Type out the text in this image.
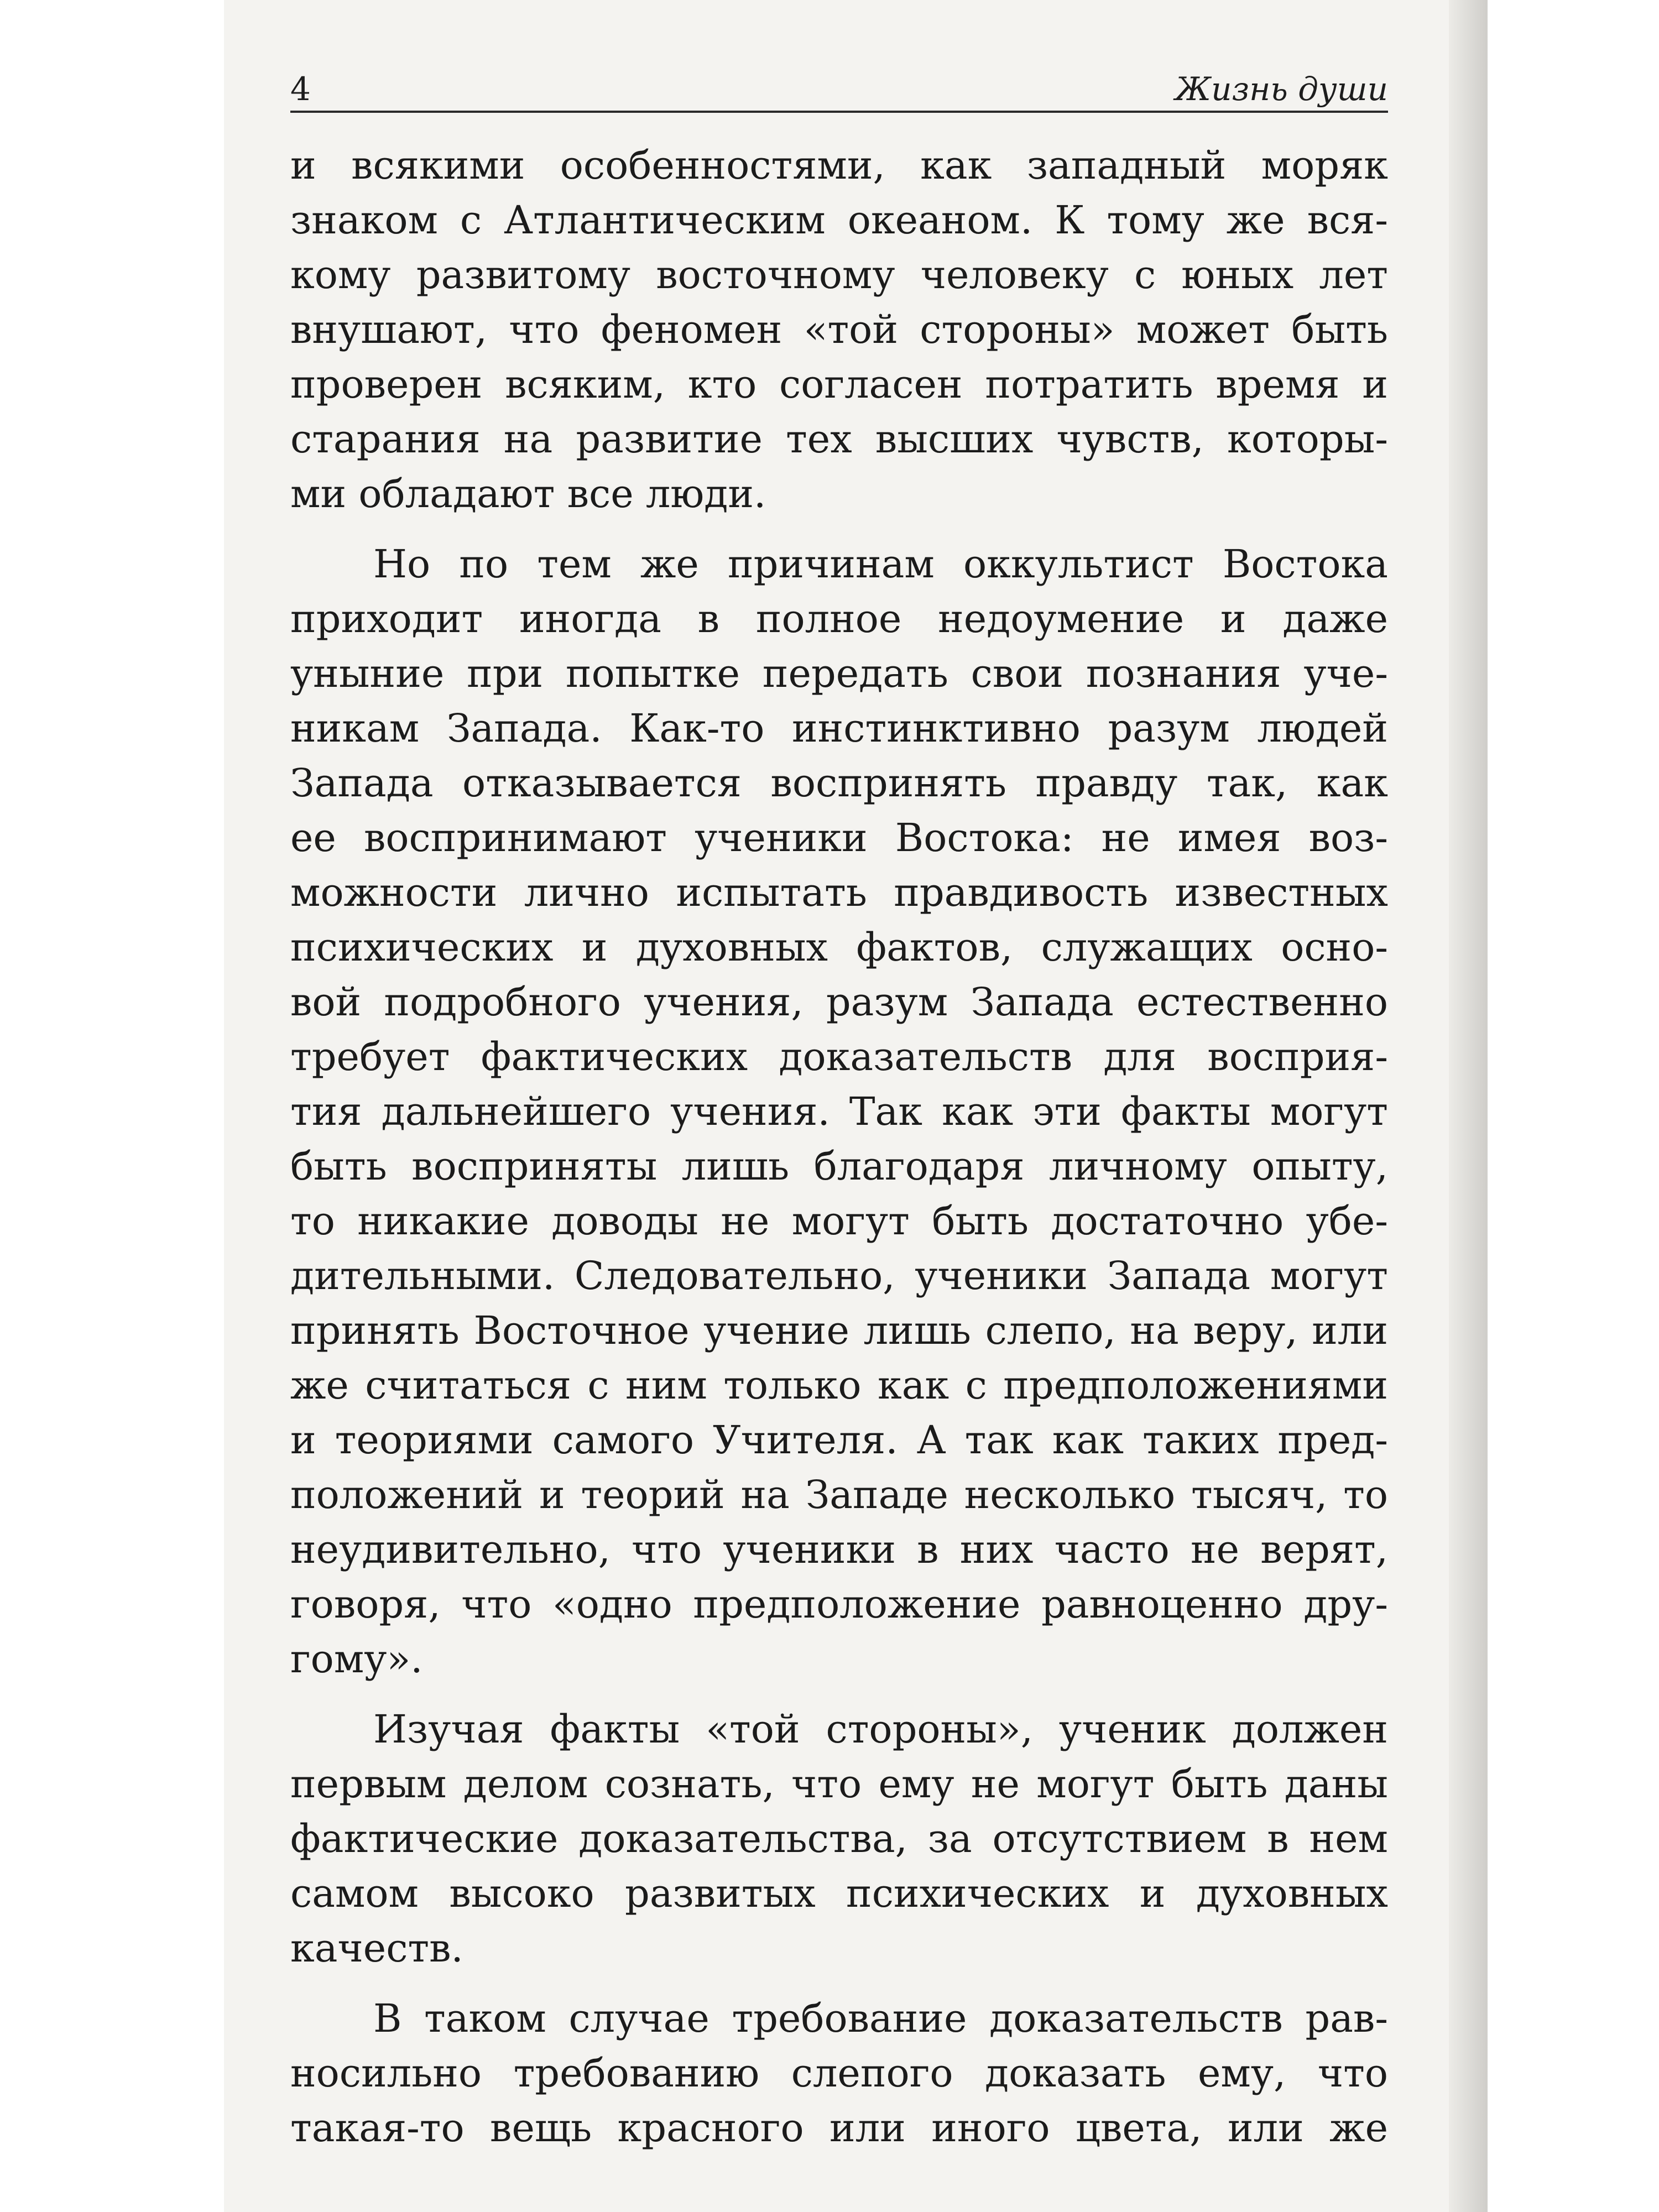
4	Жизнь души
и всякими особенностями, как западный моряк
знаком с Атлантическим океаном. К тому же вся-
кому развитому восточному человеку с юных лет
внушают, что феномен «той стороны» может быть
проверен всяким, кто согласен потратить время и
старания на развитие тех высших чувств, которы-
ми обладают все люди.
Но по тем же причинам оккультист Востока
приходит иногда в полное недоумение и даже
уныние при попытке передать свои познания уче-
никам Запада. Как-то инстинктивно разум людей
Запада отказывается воспринять правду так, как
ее воспринимают ученики Востока: не имея воз-
можности лично испытать правдивость известных
психических и духовных фактов, служащих осно-
вой подробного учения, разум Запада естественно
требует фактических доказательств для восприя-
тия дальнейшего учения. Так как эти факты могут
быть восприняты лишь благодаря личному опыту,
то никакие доводы не могут быть достаточно убе-
дительными. Следовательно, ученики Запада могут
принять Восточное учение лишь слепо, на веру, или
же считаться с ним только как с предположениями
и теориями самого Учителя. А так как таких пред-
положений и теорий на Западе несколько тысяч, то
неудивительно, что ученики в них часто не верят,
говоря, что «одно предположение равноценно дру-
гому».
Изучая факты «той стороны», ученик должен
первым делом сознать, что ему не могут быть даны
фактические доказательства, за отсутствием в нем
самом высоко развитых психических и духовных
качеств.
В таком случае требование доказательств рав-
носильно требованию слепого доказать ему, что
такая-то вещь красного или иного цвета, или же
